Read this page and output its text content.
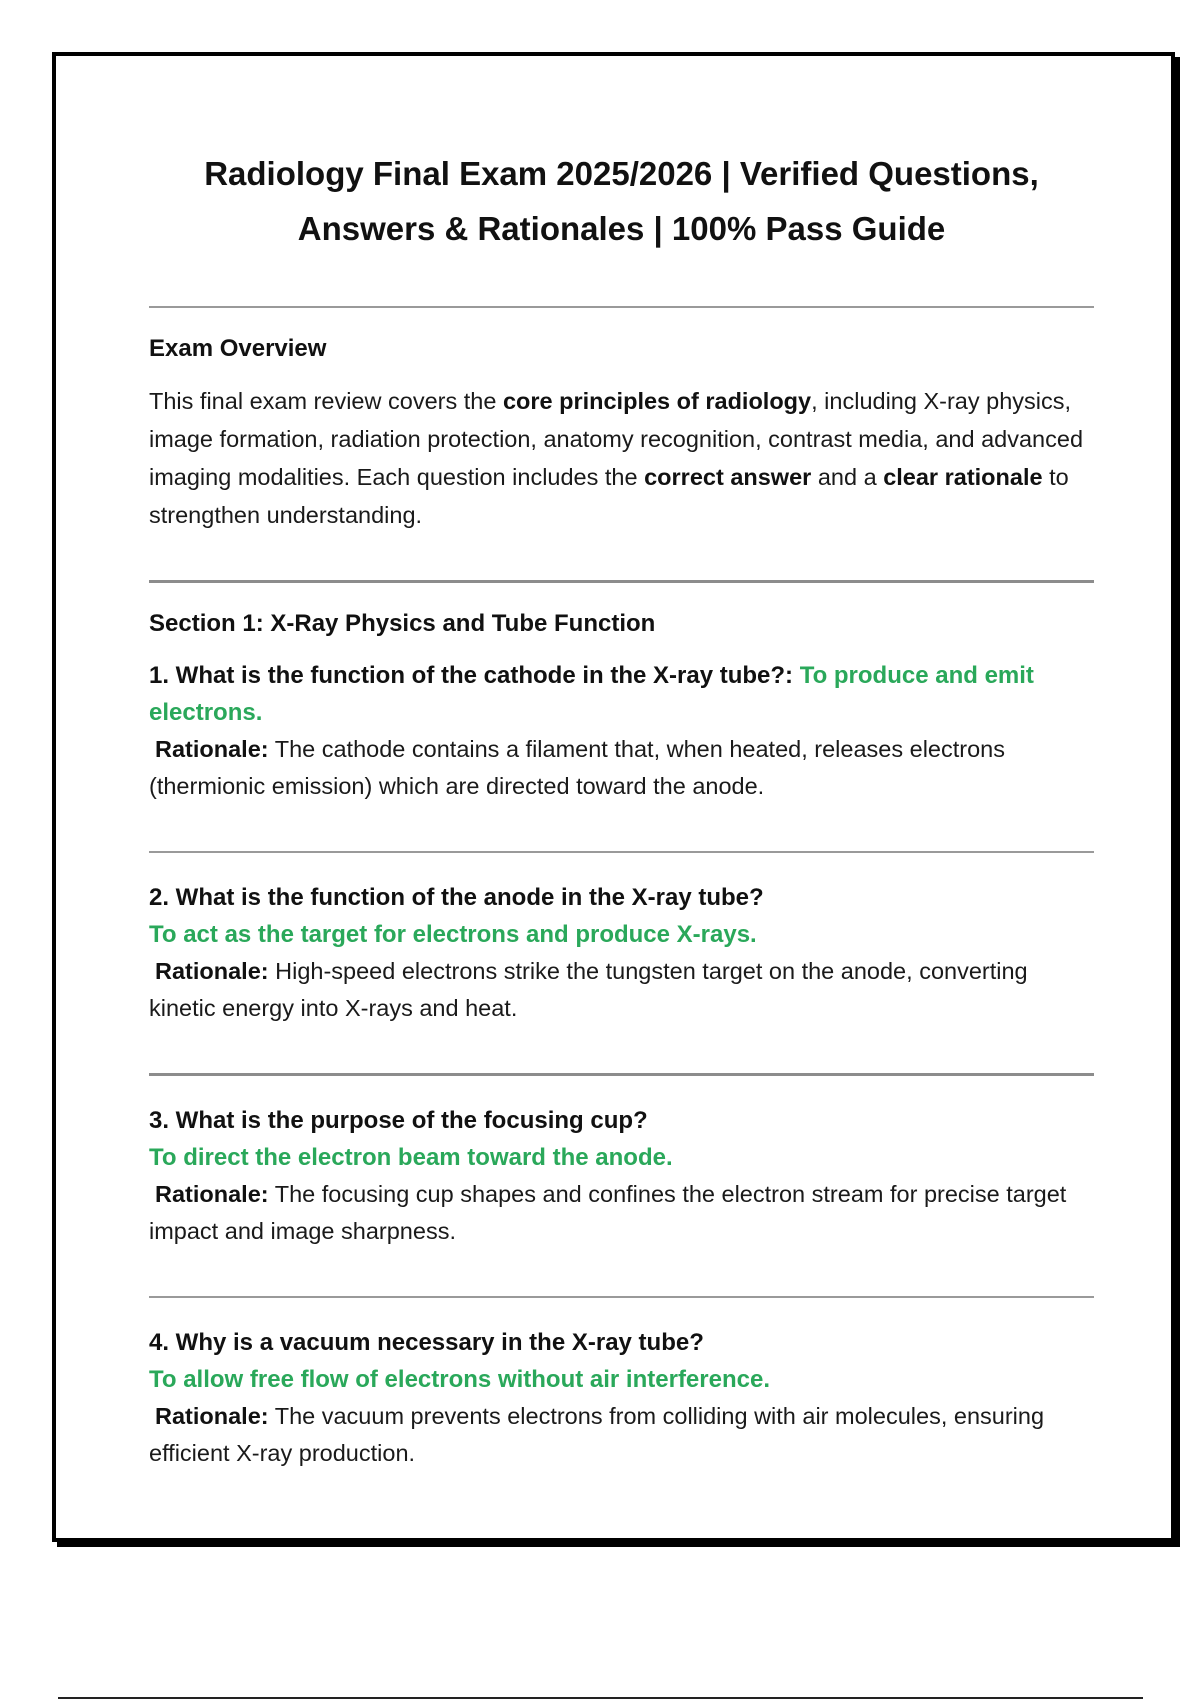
Radiology Final Exam 2025/2026 | Verified Questions,
Answers & Rationales | 100% Pass Guide
Exam Overview

This final exam review covers the core principles of radiology, including X-ray physics, image formation, radiation protection, anatomy recognition, contrast media, and advanced imaging modalities. Each question includes the correct answer and a clear rationale to strengthen understanding.

Section 1: X-Ray Physics and Tube Function

1. What is the function of the cathode in the X-ray tube?: To produce and emit electrons.

Rationale: The cathode contains a filament that, when heated, releases electrons (thermionic emission) which are directed toward the anode.

2. What is the function of the anode in the X-ray tube?

To act as the target for electrons and produce X-rays.

Rationale: High-speed electrons strike the tungsten target on the anode, converting kinetic energy into X-rays and heat.

3. What is the purpose of the focusing cup?

To direct the electron beam toward the anode.

Rationale: The focusing cup shapes and confines the electron stream for precise target impact and image sharpness.

4. Why is a vacuum necessary in the X-ray tube?

To allow free flow of electrons without air interference.

Rationale: The vacuum prevents electrons from colliding with air molecules, ensuring efficient X-ray production.
